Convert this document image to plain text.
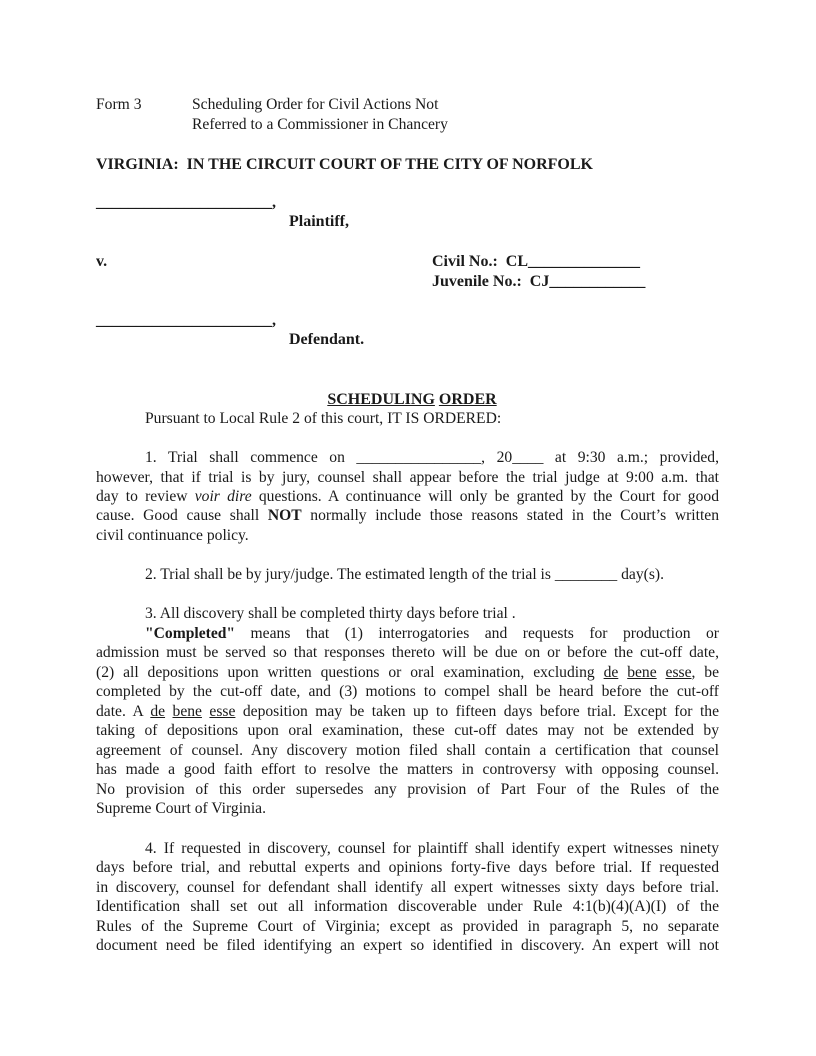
Form 3	Scheduling Order for Civil Actions Not
Referred to a Commissioner in Chancery
VIRGINIA:  IN THE CIRCUIT COURT OF THE CITY OF NORFOLK
______________________,
Plaintiff,
v.	Civil No.:  CL______________
Juvenile No.:  CJ____________
______________________,
Defendant.

SCHEDULING ORDER

Pursuant to Local Rule 2 of this court, IT IS ORDERED:
1. Trial shall commence on ________________, 20____ at 9:30 a.m.; provided,
however, that if trial is by jury, counsel shall appear before the trial judge at 9:00 a.m. that
day to review voir dire questions. A continuance will only be granted by the Court for good
cause. Good cause shall NOT normally include those reasons stated in the Court’s written
civil continuance policy.
2. Trial shall be by jury/judge. The estimated length of the trial is ________ day(s).
3. All discovery shall be completed thirty days before trial .
"Completed" means that (1) interrogatories and requests for production or
admission must be served so that responses thereto will be due on or before the cut-off date,
(2) all depositions upon written questions or oral examination, excluding de bene esse, be
completed by the cut-off date, and (3) motions to compel shall be heard before the cut-off
date. A de bene esse deposition may be taken up to fifteen days before trial. Except for the
taking of depositions upon oral examination, these cut-off dates may not be extended by
agreement of counsel. Any discovery motion filed shall contain a certification that counsel
has made a good faith effort to resolve the matters in controversy with opposing counsel.
No provision of this order supersedes any provision of Part Four of the Rules of the
Supreme Court of Virginia.
4. If requested in discovery, counsel for plaintiff shall identify expert witnesses ninety
days before trial, and rebuttal experts and opinions forty-five days before trial. If requested
in discovery, counsel for defendant shall identify all expert witnesses sixty days before trial.
Identification shall set out all information discoverable under Rule 4:1(b)(4)(A)(I) of the
Rules of the Supreme Court of Virginia; except as provided in paragraph 5, no separate
document need be filed identifying an expert so identified in discovery. An expert will not
